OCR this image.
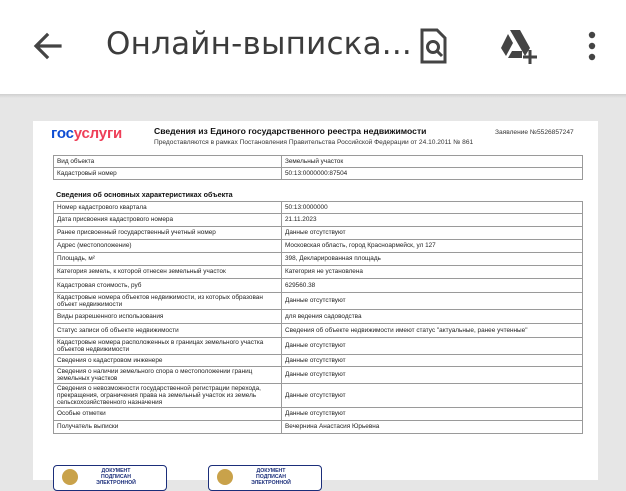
Онлайн-выписка...
госуслуги	Сведения из Единого государственного реестра недвижимости
Предоставляются в рамках Постановления Правительства Российской Федерации от 24.10.2011 № 861
Заявление №5526857247
Вид объекта	Земельный участок
Кадастровый номер	50:13:0000000:87504
Сведения об основных характеристиках объекта
Номер кадастрового квартала	50:13:0000000
Дата присвоения кадастрового номера	21.11.2023
Ранее присвоенный государственный учетный номер	Данные отсутствуют
Адрес (местоположение)	Московская область, город Красноармейск, ул 127
Площадь, м²	398, Декларированная площадь
Категория земель, к которой отнесен земельный участок	Категория не установлена
Кадастровая стоимость, руб	629560.38
Кадастровые номера объектов недвижимости, из которых образован объект недвижимости	Данные отсутствуют
Виды разрешенного использования	для ведения садоводства
Статус записи об объекте недвижимости	Сведения об объекте недвижимости имеют статус "актуальные, ранее учтенные"
Кадастровые номера расположенных в границах земельного участка объектов недвижимости	Данные отсутствуют
Сведения о кадастровом инженере	Данные отсутствуют
Сведения о наличии земельного спора о местоположении границ земельных участков	Данные отсутствуют
Сведения о невозможности государственной регистрации перехода, прекращения, ограничения права на земельный участок из земель сельскохозяйственного назначения	Данные отсутствуют
Особые отметки	Данные отсутствуют
Получатель выписки	Вечернина Анастасия Юрьевна
ДОКУМЕНТ ПОДПИСАН ЭЛЕКТРОННОЙ
ДОКУМЕНТ ПОДПИСАН ЭЛЕКТРОННОЙ
